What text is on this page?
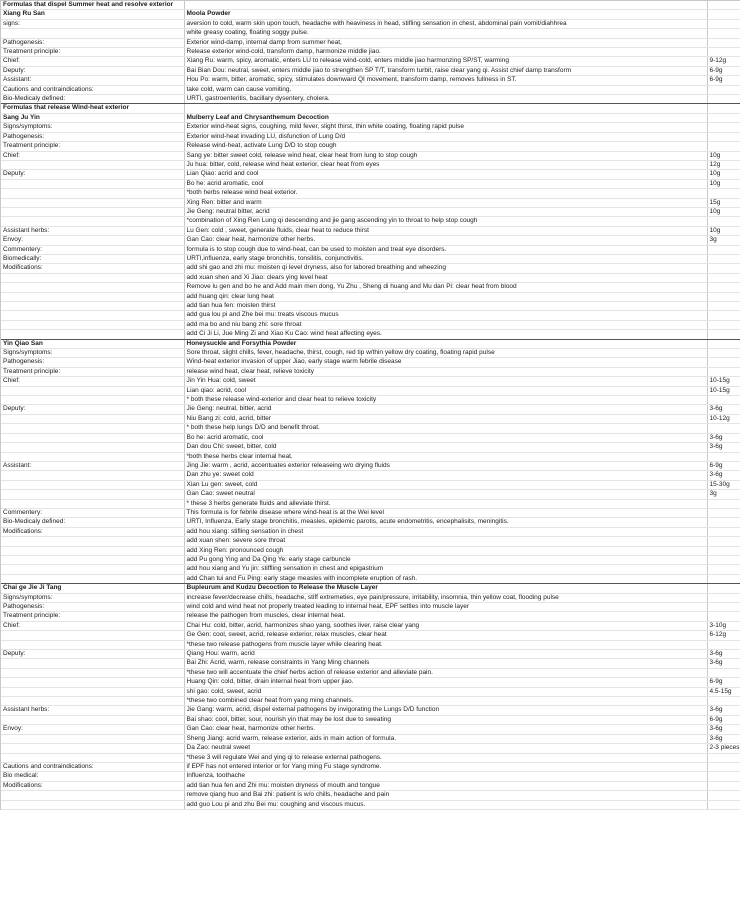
Formulas that dispel Summer heat and resolve exterior		
Xiang Ru San	Moola Powder	
signs:	aversion to cold, warm skin upon touch, headache with heaviness in head, stifling sensation in chest, abdominal pain vomit/diahhrea	
	white greasy coating, floating soggy pulse.	
Pathogenesis:	Exterior wind-damp, internal damp from summer heat,	
Treatment principle:	Release exterior wind-cold, transform damp, harmonize middle jiao.	
Chief:	Xiang Ru: warm, spicy, aromatic, enters LU to release wind-cold, enters middle jiao harmonzing SP/ST, warming	9-12g
Deputy:	Bai Bian Dou: neutral, sweet, enters middle jiao to strengthen SP T/T, transform turbit, raise clear yang qi. Assist chief damp transform	6-9g
Assistant:	Hou Po: warm, bitter, aromatic, spicy, stimulates downward QI movement, transform damp, removes fullness in ST.	6-9g
Cautions and contraindications:	take cold, warm can cause vomiting.	
Bio-Medicaly defined:	URTI, gastroenteritis, bacillary dysentery, cholera.	
Formulas that release Wind-heat exterior		
Sang Ju Yin	Mulberry Leaf and Chrysanthemum Decoction	
Signs/symptoms:	Exterior wind-heat signs, coughing, mild fever, slight thirst, thin white coating, floating rapid pulse	
Pathogenesis:	Exterior wind-heat invading LU, disfunction of Lung D/d	
Treatment principle:	Release wind-heat, activate Lung D/D to stop cough	
Chief:	Sang ye: bitter sweet cold, release wind heat, clear heat from lung to stop cough	10g
	Ju hua: bitter, cold, release wind heat exterior, clear heat from eyes	12g
Deputy:	Lian Qiao: acrid and cool	10g
	Bo he: acrid aromatic, cool	10g
	*both herbs release wind heat exterior.	
	Xing Ren: bitter and warm	15g
	Jie Geng: neutral bitter, acrid	10g
	*combination of Xing Ren Lung qi descending and jie gang ascending yin to throat to help stop cough	
Assistant herbs:	Lu Gen: cold , sweet, generate fluids, clear heat to reduce thirst	10g
Envoy:	Gan Cao: clear heat, harmonize other herbs.	3g
Commentery:	formula is to stop cough due to wind-heat, can be used to moisten and treat eye disorders.	
Biomedically:	URTI,influenza, early stage bronchitis, tonsilitis, conjunctivitis.	
Modifications:	add shi gao and zhi mu: moisten qi level dryness, also for labored breathing and wheezing	
	add xuan shen and Xi Jiao: clears ying level heat	
	Remove lu gen and bo he and Add main men dong, Yu Zhu , Sheng di huang and Mu dan Pi: clear heat from blood	
	add huang qin: clear lung heat	
	add tian hua fen: moisten thirst	
	add gua lou pi and Zhe bei mu: treats viscous mucus	
	add ma bo and niu bang zhi: sore throat	
	add Ci Ji Li, Jue Ming Zi and Xiao Ku Cao: wind heat affecting eyes.	
Yin Qiao San	Honeysuckle and Forsythia Powder	
Signs/symptoms:	Sore throat, slight chills, fever, headache, thirst, cough, red tip w/thin yellow dry coating, floating rapid pulse	
Pathogenesis:	Wind-heat exterior invasion of upper Jiao, early stage warm febrile disease	
Treatment principle:	release wind heat, clear heat, relieve toxicity	
Chief:	Jin Yin Hua: cold, sweet	10-15g
	Lian qiao: acrid, cool	10-15g
	* both these release wind-exterior and clear heat to relieve toxicity	
Deputy:	Jie Geng: neutral, bitter, acrid	3-6g
	Niu Bang zi: cold, acrid, bitter	10-12g
	* both these help lungs D/D and benefit throat.	
	Bo he: acrid aromatic, cool	3-6g
	Dan dou Chi: sweet, bitter, cold	3-6g
	*both these herbs clear internal heat.	
Assistant:	Jing Jie: warm , acrid, accentuates exterior releaseing w/o drying fluids	6-9g
	Dan zhu ye: sweet cold	3-6g
	Xian Lu gen: sweet, cold	15-30g
	Gan Cao: sweet neutral	3g
	* these 3 herbs generate fluids and alleviate thirst.	
Commentery:	This formula is for febrile disease where wind-heat is at the Wei level	
Bio-Medicaly defined:	URTI, Influenza, Early stage bronchitis, measles, epidemic parotis, acute endometritis, encephalisits, meningitis.	
Modifications:	add hou xiang: stifling sensation in chest	
	add xuan shen: severe sore throat	
	add Xing Ren: pronounced cough	
	add Pu gong Ying and Da Qing Ye: early stage carbuncle	
	add hou xiang and Yu jin: stiffling sensation in chest and epigastrium	
	add Chan tui and Fu Ping: early stage measles with incomplete eruption of rash.	
Chai ge Jie Ji Tang	Bupleurum and Kudzu Decoction to Release the Muscle Layer	
Signs/symptoms:	increase fever/decrease chills, headache, stiff extremeties, eye pain/pressure, irritability, insomnia, thin yellow coat, flooding pulse	
Pathogenesis:	wind cold and wind heat not properly treated leading to internal heat, EPF settles into muscle layer	
Treatment principle:	release the pathogen from muscles, clear internal heat.	
Chief:	Chai Hu: cold, bitter, acrid, harmonizes shao yang, soothes liver, raise clear yang	3-10g
	Ge Gen: cool, sweet, acrid, release exterior, relax muscles, clear heat	6-12g
	*these two release pathogens from muscle layer while clearing heat.	
Deputy:	Qiang Hou: warm, acrid	3-6g
	Bai Zhi: Acrid, warm, release constraints in Yang Ming channels	3-6g
	*these two will accentuate the chief herbs action of release exterior and alleviate pain.	
	Huang Qin: cold, bitter, drain internal heat from upper jiao.	6-9g
	shi gao: cold, sweet, acrid	4.5-15g
	*these two combined clear heat from yang ming channels.	
Assistant herbs:	Jie Gang: warm, acrid, dispel external pathogens by invigorating the Lungs D/D function	3-6g
	Bai shao: cool, bitter, sour, nourish yin that may be lost due to sweating	6-9g
Envoy:	Gan Cao: clear heat, harmonize other herbs.	3-6g
	Sheng Jiang: acrid warm, release exterior, aids in main action of formula.	3-6g
	Da Zao: neutral sweet	2-3 pieces
	*these 3 will regulate Wei and ying qi to release external pathogens.	
Cautions and contraindications:	if EPF has not entered interior or for Yang ming Fu stage syndrome.	
Bio medical:	Influenza, toothache	
Modifications:	add tian hua fen and Zhi mu: moisten dryness of mouth and tongue	
	remove qiang huo and Bai zhi: patient is w/o chills, headache and pain	
	add guo Lou pi and zhu Bei mu: coughing and viscous mucus.	
